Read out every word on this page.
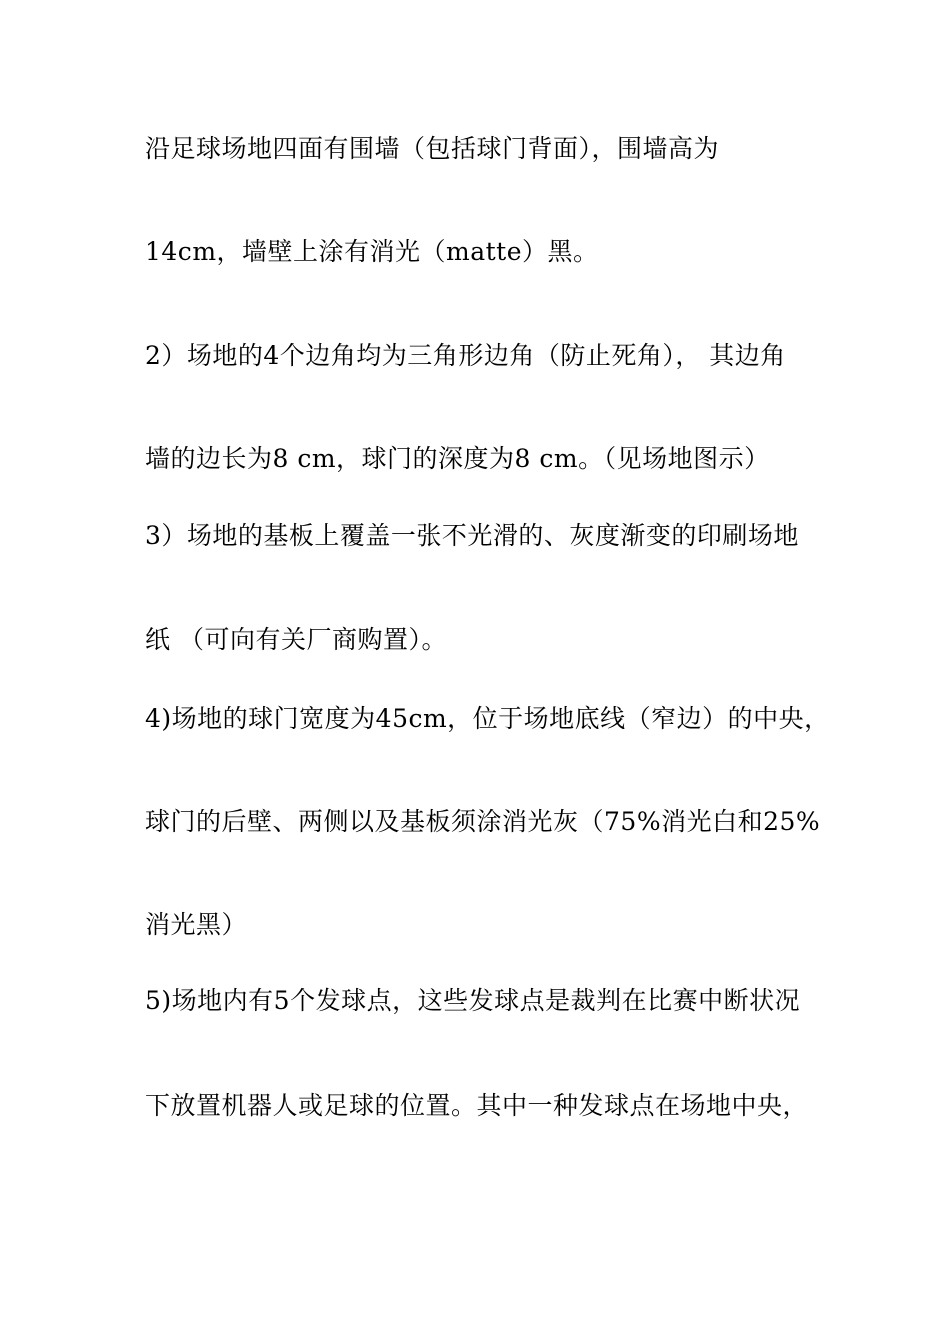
沿足球场地四面有围墙（包括球门背面），围墙高为
14cm，墙壁上涂有消光（matte）黑。
2）场地的4个边角均为三角形边角（防止死角）， 其边角
墙的边长为8 cm，球门的深度为8 cm。（见场地图示）
3）场地的基板上覆盖一张不光滑的、灰度渐变的印刷场地
纸 （可向有关厂商购置）。
4)场地的球门宽度为45cm，位于场地底线（窄边）的中央，
球门的后壁、两侧以及基板须涂消光灰（75%消光白和25%
消光黑）
5)场地内有5个发球点，这些发球点是裁判在比赛中断状况
下放置机器人或足球的位置。其中一种发球点在场地中央，
